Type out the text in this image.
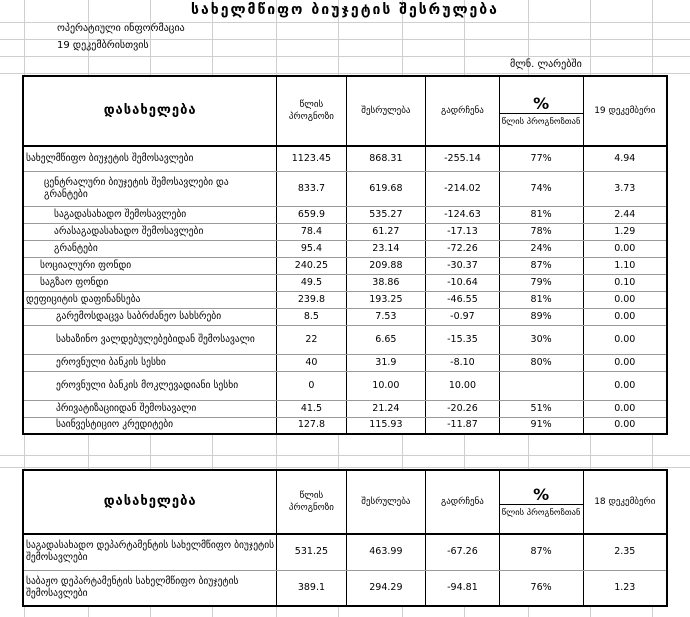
სახელმწიფო ბიუჯეტის შესრულება
ოპერატიული ინფორმაცია
19 დეკემბრისთვის
მლნ. ლარებში
დასახელება	წლის პროგნოზი	შესრულება	გადრჩენა	%
წლის პროგნოზთან	19 დეკემბერი
სახელმწიფო ბიუჯეტის შემოსავლები	1123.45	868.31	-255.14	77%	4.94
ცენტრალური ბიუჯეტის შემოსავლები და გრანტები	833.7	619.68	-214.02	74%	3.73
საგადასახადო შემოსავლები	659.9	535.27	-124.63	81%	2.44
არასაგადასახადო შემოსავლები	78.4	61.27	-17.13	78%	1.29
გრანტები	95.4	23.14	-72.26	24%	0.00
სოციალური ფონდი	240.25	209.88	-30.37	87%	1.10
საგზაო ფონდი	49.5	38.86	-10.64	79%	0.10
დეფიციტის დაფინანსება	239.8	193.25	-46.55	81%	0.00
გარემოსდაცვა საბრძანეო სახსრები	8.5	7.53	-0.97	89%	0.00
სახაზინო ვალდებულებებიდან შემოსავალი	22	6.65	-15.35	30%	0.00
ეროვნული ბანკის სესხი	40	31.9	-8.10	80%	0.00
ეროვნული ბანკის მოკლევადიანი სესხი	0	10.00	10.00		0.00
პრივატიზაციიდან შემოსავალი	41.5	21.24	-20.26	51%	0.00
საინვესტიციო კრედიტები	127.8	115.93	-11.87	91%	0.00
დასახელება	წლის პროგნოზი	შესრულება	გადრჩენა	%
წლის პროგნოზთან	18 დეკემბერი
საგადასახადო დეპარტამენტის სახელმწიფო ბიუჯეტის შემოსავლები	531.25	463.99	-67.26	87%	2.35
საბაჟო დეპარტამენტის სახელმწიფო ბიუჯეტის შემოსავლები	389.1	294.29	-94.81	76%	1.23
